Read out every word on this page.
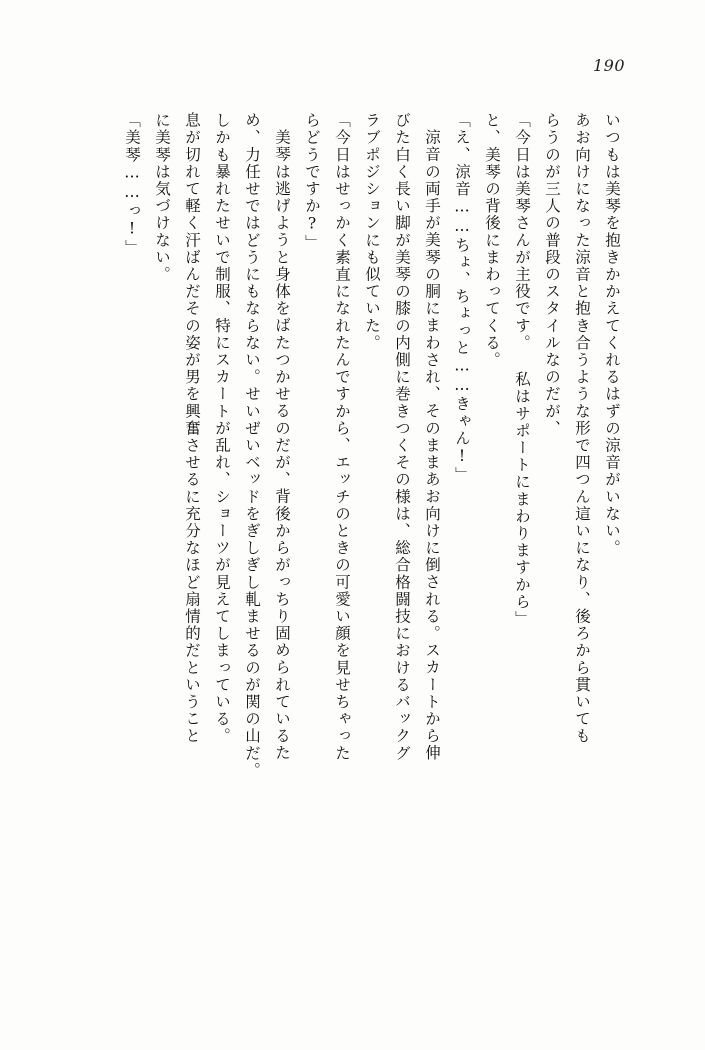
190
いつもは美琴を抱きかかえてくれるはずの涼音がいない。
あお向けになった涼音と抱き合うような形で四つん這いになり、後ろから貫いても
らうのが三人の普段のスタイルなのだが、
「今日は美琴さんが主役です。 私はサポートにまわりますから」
と、美琴の背後にまわってくる。
「え、涼音……ちょ、ちょっと……きゃん!」
涼音の両手が美琴の胴にまわされ、そのままあお向けに倒される。スカートから伸
びた白く長い脚が美琴の膝の内側に巻きつくその様は、総合格闘技におけるバックグ
ラブポジションにも似ていた。
「今日はせっかく素直になれたんですから、エッチのときの可愛い顔を見せちゃった
らどうですか?」
美琴は逃げようと身体をばたつかせるのだが、背後からがっちり固められているた
め、力任せではどうにもならない。せいぜいベッドをぎしぎし軋ませるのが関の山だ。
しかも暴れたせいで制服、特にスカートが乱れ、ショーツが見えてしまっている。
息が切れて軽く汗ばんだその姿が男を興奮させるに充分なほど扇情的だということ
に美琴は気づけない。
「美琴……っ!」
